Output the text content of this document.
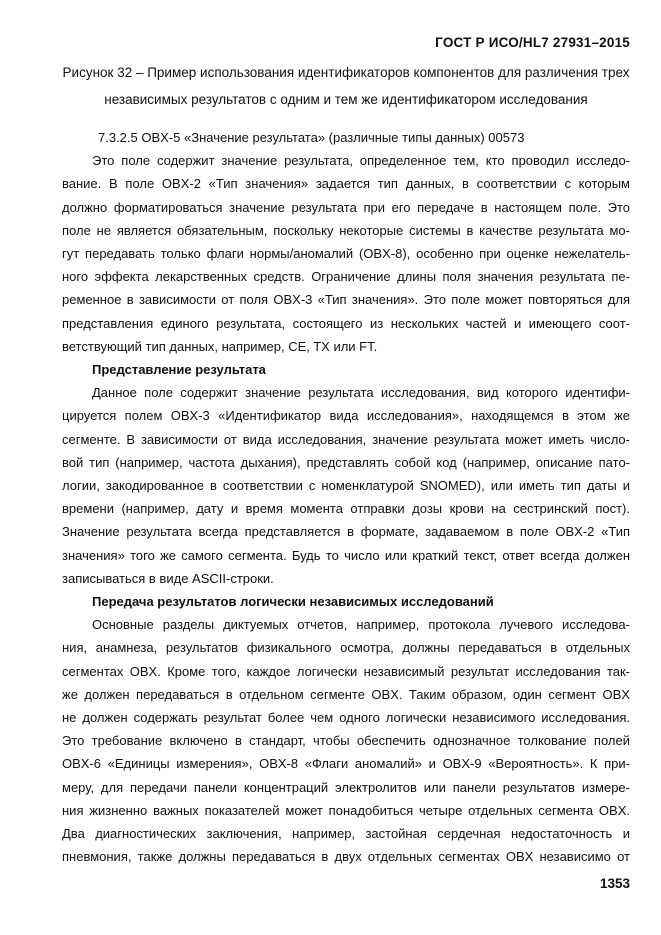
ГОСТ Р ИСО/HL7 27931–2015
Рисунок 32 – Пример использования идентификаторов компонентов для различения трех
независимых результатов с одним и тем же идентификатором исследования
7.3.2.5 OBX-5 «Значение результата» (различные типы данных) 00573
Это поле содержит значение результата, определенное тем, кто проводил исследо-
вание. В поле OBX-2 «Тип значения» задается тип данных, в соответствии с которым
должно форматироваться значение результата при его передаче в настоящем поле. Это
поле не является обязательным, поскольку некоторые системы в качестве результата мо-
гут передавать только флаги нормы/аномалий (OBX-8), особенно при оценке нежелатель-
ного эффекта лекарственных средств. Ограничение длины поля значения результата пе-
ременное в зависимости от поля OBX-3 «Тип значения». Это поле может повторяться для
представления единого результата, состоящего из нескольких частей и имеющего соот-
ветствующий тип данных, например, CE, TX или FT.
Представление результата
Данное поле содержит значение результата исследования, вид которого идентифи-
цируется полем OBX-3 «Идентификатор вида исследования», находящемся в этом же
сегменте. В зависимости от вида исследования, значение результата может иметь число-
вой тип (например, частота дыхания), представлять собой код (например, описание пато-
логии, закодированное в соответствии с номенклатурой SNOMED), или иметь тип даты и
времени (например, дату и время момента отправки дозы крови на сестринский пост).
Значение результата всегда представляется в формате, задаваемом в поле OBX-2 «Тип
значения» того же самого сегмента. Будь то число или краткий текст, ответ всегда должен
записываться в виде ASCII-строки.
Передача результатов логически независимых исследований
Основные разделы диктуемых отчетов, например, протокола лучевого исследова-
ния, анамнеза, результатов физикального осмотра, должны передаваться в отдельных
сегментах OBX. Кроме того, каждое логически независимый результат исследования так-
же должен передаваться в отдельном сегменте OBX. Таким образом, один сегмент OBX
не должен содержать результат более чем одного логически независимого исследования.
Это требование включено в стандарт, чтобы обеспечить однозначное толкование полей
OBX-6 «Единицы измерения», OBX-8 «Флаги аномалий» и OBX-9 «Вероятность». К при-
меру, для передачи панели концентраций электролитов или панели результатов измере-
ния жизненно важных показателей может понадобиться четыре отдельных сегмента OBX.
Два диагностических заключения, например, застойная сердечная недостаточность и
пневмония, также должны передаваться в двух отдельных сегментах OBX независимо от
1353
